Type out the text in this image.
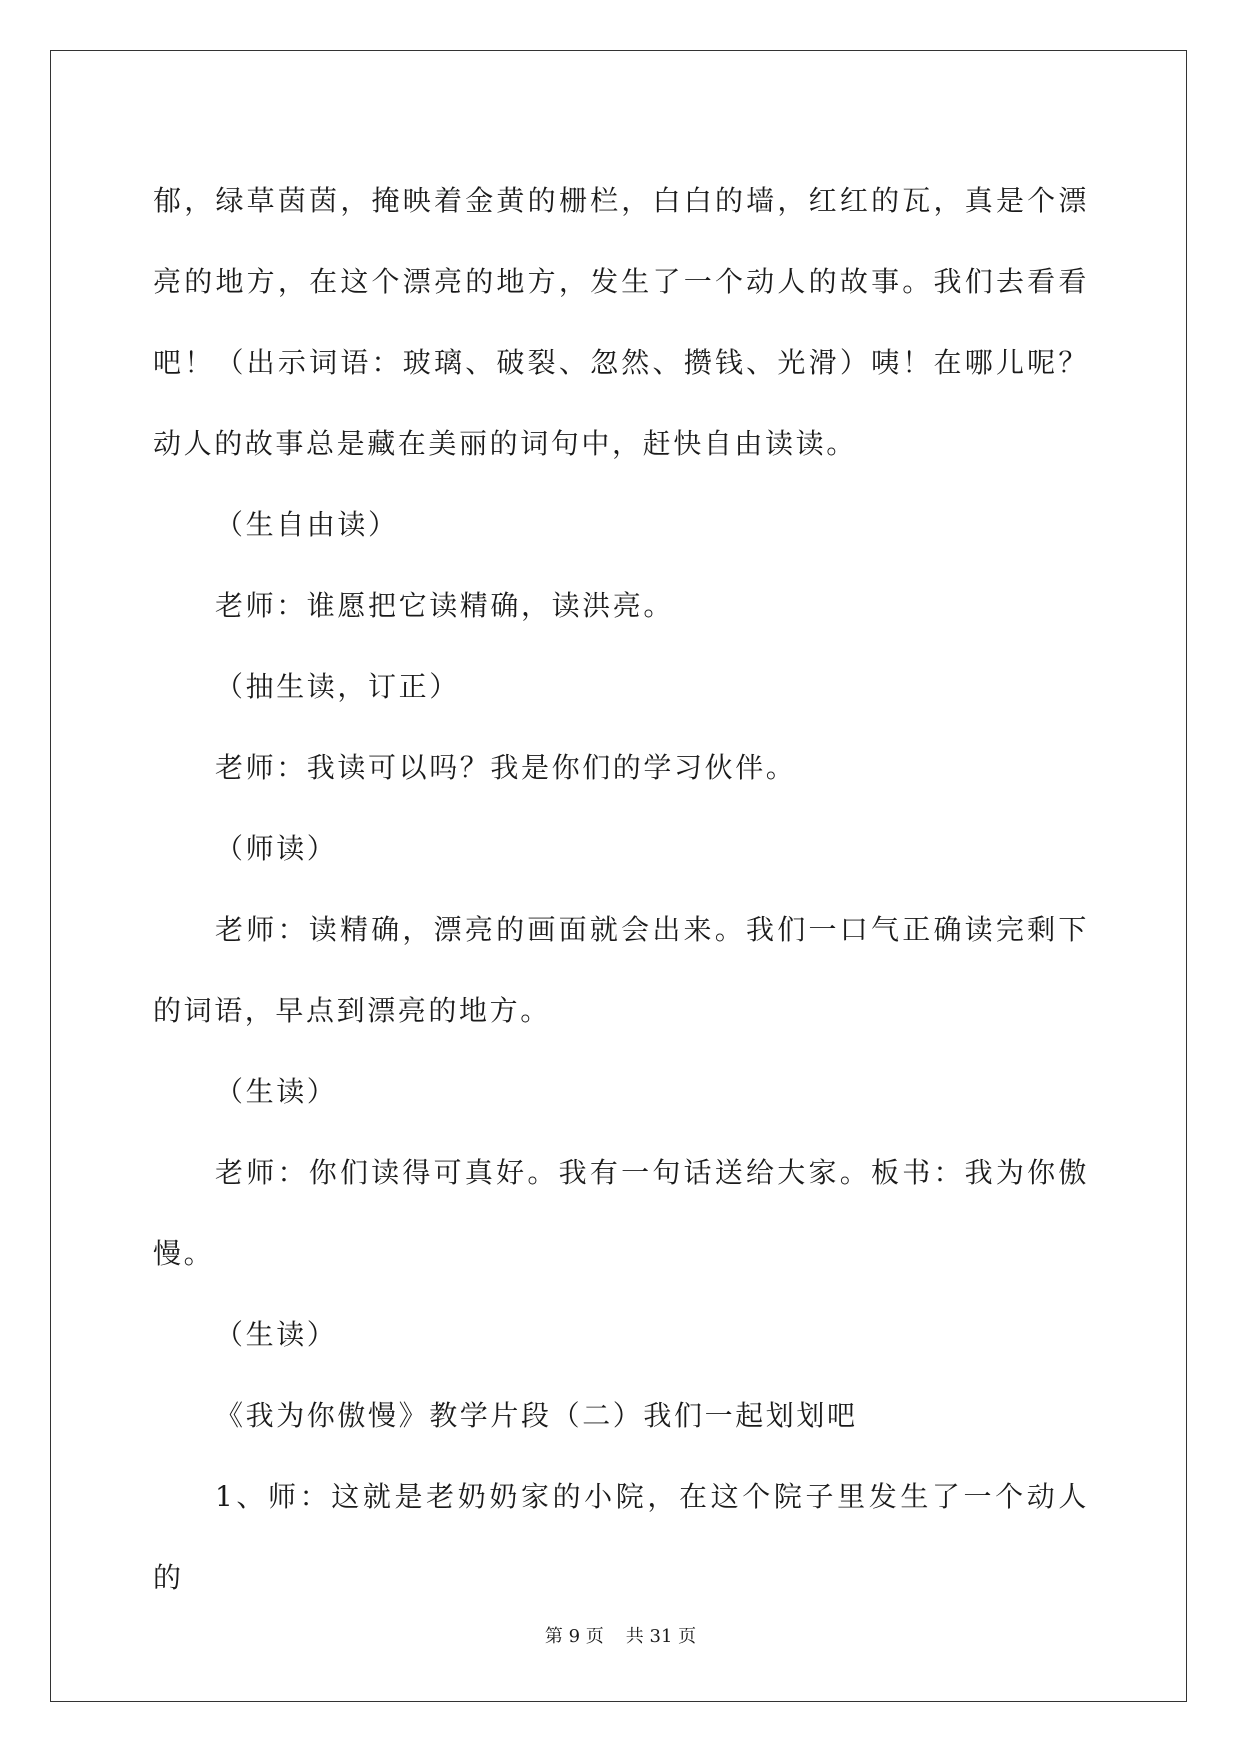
郁，绿草茵茵，掩映着金黄的栅栏，白白的墙，红红的瓦，真是个漂亮的地方，在这个漂亮的地方，发生了一个动人的故事。我们去看看吧！（出示词语：玻璃、破裂、忽然、攒钱、光滑）咦！在哪儿呢？动人的故事总是藏在美丽的词句中，赶快自由读读。

（生自由读）

老师：谁愿把它读精确，读洪亮。

（抽生读，订正）

老师：我读可以吗？我是你们的学习伙伴。

（师读）

老师：读精确，漂亮的画面就会出来。我们一口气正确读完剩下的词语，早点到漂亮的地方。

（生读）

老师：你们读得可真好。我有一句话送给大家。板书：我为你傲慢。

（生读）

《我为你傲慢》教学片段（二）我们一起划划吧

1、师：这就是老奶奶家的小院，在这个院子里发生了一个动人的

第 9 页 共 31 页
